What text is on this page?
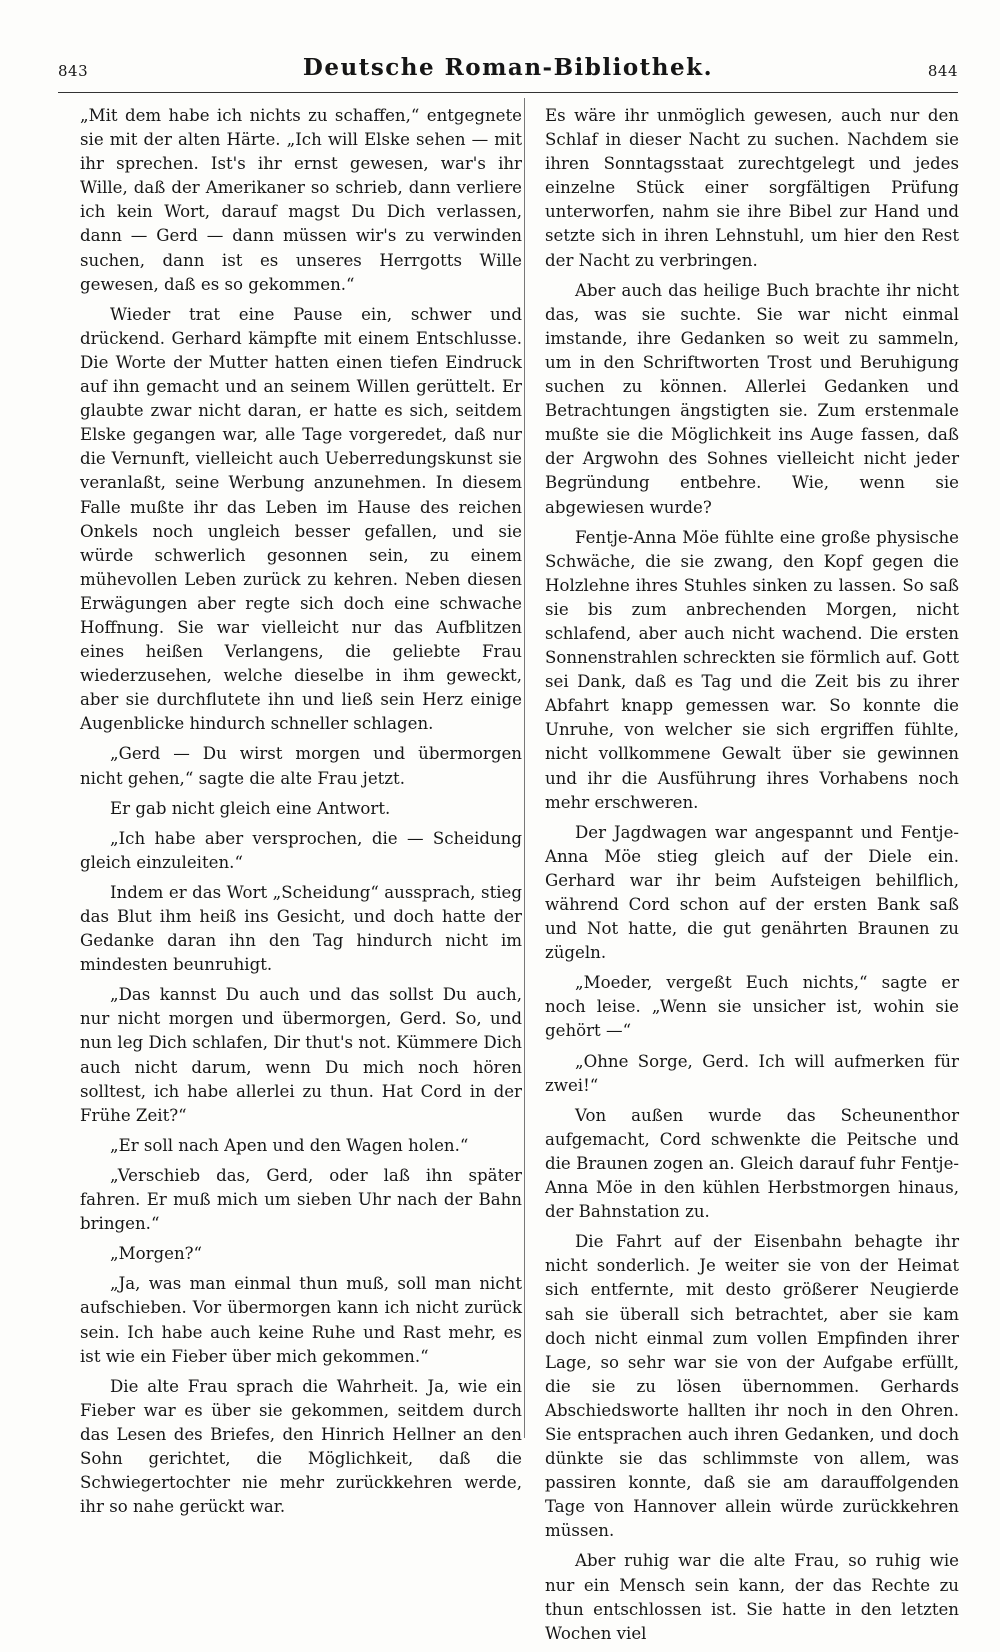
843	Deutsche Roman-Bibliothek.	844

„Mit dem habe ich nichts zu schaffen,“ entgegnete sie mit der alten Härte. „Ich will Elske sehen — mit ihr sprechen. Ist's ihr ernst gewesen, war's ihr Wille, daß der Amerikaner so schrieb, dann verliere ich kein Wort, darauf magst Du Dich verlassen, dann — Gerd — dann müssen wir's zu verwinden suchen, dann ist es unseres Herrgotts Wille gewesen, daß es so gekommen.“

Wieder trat eine Pause ein, schwer und drückend. Gerhard kämpfte mit einem Entschlusse. Die Worte der Mutter hatten einen tiefen Eindruck auf ihn gemacht und an seinem Willen gerüttelt. Er glaubte zwar nicht daran, er hatte es sich, seitdem Elske gegangen war, alle Tage vorgeredet, daß nur die Vernunft, vielleicht auch Ueberredungskunst sie veranlaßt, seine Werbung anzunehmen. In diesem Falle mußte ihr das Leben im Hause des reichen Onkels noch ungleich besser gefallen, und sie würde schwerlich gesonnen sein, zu einem mühevollen Leben zurück zu kehren. Neben diesen Erwägungen aber regte sich doch eine schwache Hoffnung. Sie war vielleicht nur das Aufblitzen eines heißen Verlangens, die geliebte Frau wiederzusehen, welche dieselbe in ihm geweckt, aber sie durchflutete ihn und ließ sein Herz einige Augenblicke hindurch schneller schlagen.

„Gerd — Du wirst morgen und übermorgen nicht gehen,“ sagte die alte Frau jetzt.

Er gab nicht gleich eine Antwort.

„Ich habe aber versprochen, die — Scheidung gleich einzuleiten.“

Indem er das Wort „Scheidung“ aussprach, stieg das Blut ihm heiß ins Gesicht, und doch hatte der Gedanke daran ihn den Tag hindurch nicht im mindesten beunruhigt.

„Das kannst Du auch und das sollst Du auch, nur nicht morgen und übermorgen, Gerd. So, und nun leg Dich schlafen, Dir thut's not. Kümmere Dich auch nicht darum, wenn Du mich noch hören solltest, ich habe allerlei zu thun. Hat Cord in der Frühe Zeit?“

„Er soll nach Apen und den Wagen holen.“

„Verschieb das, Gerd, oder laß ihn später fahren. Er muß mich um sieben Uhr nach der Bahn bringen.“

„Morgen?“

„Ja, was man einmal thun muß, soll man nicht aufschieben. Vor übermorgen kann ich nicht zurück sein. Ich habe auch keine Ruhe und Rast mehr, es ist wie ein Fieber über mich gekommen.“

Die alte Frau sprach die Wahrheit. Ja, wie ein Fieber war es über sie gekommen, seitdem durch das Lesen des Briefes, den Hinrich Hellner an den Sohn gerichtet, die Möglichkeit, daß die Schwiegertochter nie mehr zurückkehren werde, ihr so nahe gerückt war.

Es wäre ihr unmöglich gewesen, auch nur den Schlaf in dieser Nacht zu suchen. Nachdem sie ihren Sonntagsstaat zurechtgelegt und jedes einzelne Stück einer sorgfältigen Prüfung unterworfen, nahm sie ihre Bibel zur Hand und setzte sich in ihren Lehnstuhl, um hier den Rest der Nacht zu verbringen.

Aber auch das heilige Buch brachte ihr nicht das, was sie suchte. Sie war nicht einmal imstande, ihre Gedanken so weit zu sammeln, um in den Schriftworten Trost und Beruhigung suchen zu können. Allerlei Gedanken und Betrachtungen ängstigten sie. Zum erstenmale mußte sie die Möglichkeit ins Auge fassen, daß der Argwohn des Sohnes vielleicht nicht jeder Begründung entbehre. Wie, wenn sie abgewiesen wurde?

Fentje-Anna Möe fühlte eine große physische Schwäche, die sie zwang, den Kopf gegen die Holzlehne ihres Stuhles sinken zu lassen. So saß sie bis zum anbrechenden Morgen, nicht schlafend, aber auch nicht wachend. Die ersten Sonnenstrahlen schreckten sie förmlich auf. Gott sei Dank, daß es Tag und die Zeit bis zu ihrer Abfahrt knapp gemessen war. So konnte die Unruhe, von welcher sie sich ergriffen fühlte, nicht vollkommene Gewalt über sie gewinnen und ihr die Ausführung ihres Vorhabens noch mehr erschweren.

Der Jagdwagen war angespannt und Fentje-Anna Möe stieg gleich auf der Diele ein. Gerhard war ihr beim Aufsteigen behilflich, während Cord schon auf der ersten Bank saß und Not hatte, die gut genährten Braunen zu zügeln.

„Moeder, vergeßt Euch nichts,“ sagte er noch leise. „Wenn sie unsicher ist, wohin sie gehört —“

„Ohne Sorge, Gerd. Ich will aufmerken für zwei!“

Von außen wurde das Scheunenthor aufgemacht, Cord schwenkte die Peitsche und die Braunen zogen an. Gleich darauf fuhr Fentje-Anna Möe in den kühlen Herbstmorgen hinaus, der Bahnstation zu.

Die Fahrt auf der Eisenbahn behagte ihr nicht sonderlich. Je weiter sie von der Heimat sich entfernte, mit desto größerer Neugierde sah sie überall sich betrachtet, aber sie kam doch nicht einmal zum vollen Empfinden ihrer Lage, so sehr war sie von der Aufgabe erfüllt, die sie zu lösen übernommen. Gerhards Abschiedsworte hallten ihr noch in den Ohren. Sie entsprachen auch ihren Gedanken, und doch dünkte sie das schlimmste von allem, was passiren konnte, daß sie am darauffolgenden Tage von Hannover allein würde zurückkehren müssen.

Aber ruhig war die alte Frau, so ruhig wie nur ein Mensch sein kann, der das Rechte zu thun entschlossen ist. Sie hatte in den letzten Wochen viel
